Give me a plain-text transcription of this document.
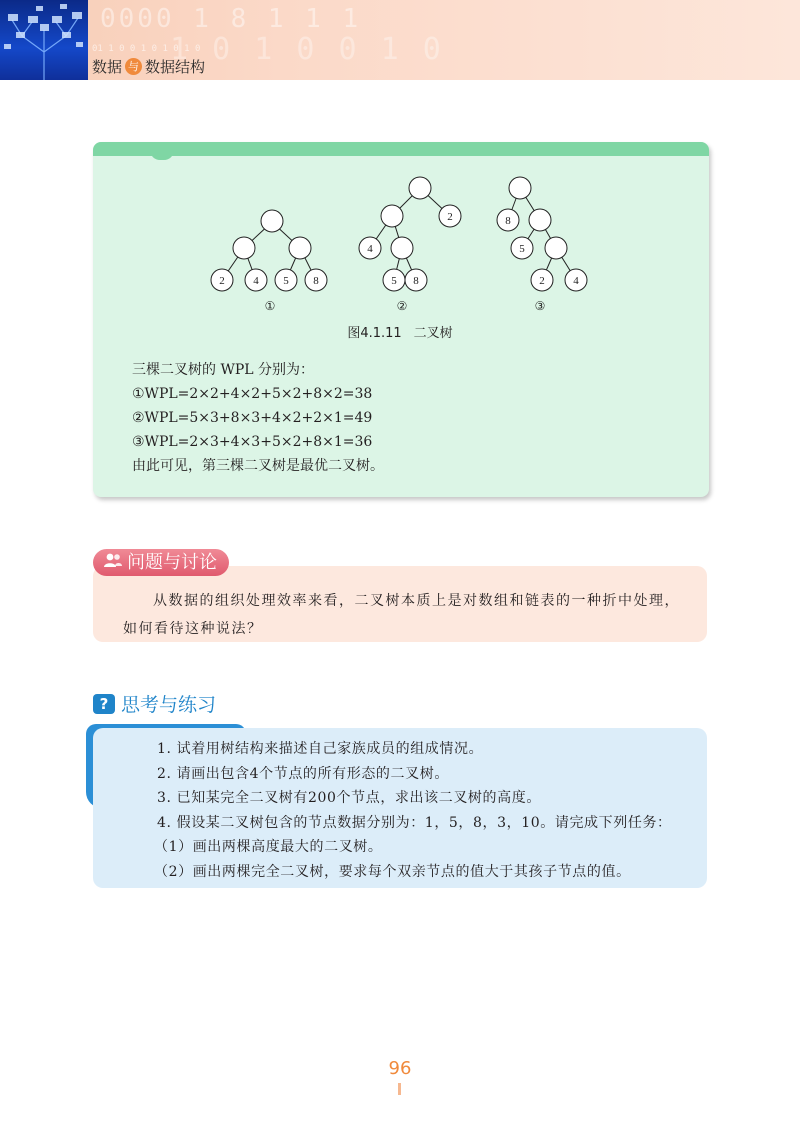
0000 1 8 1 1 1
1 0 1 0 0 1 0
01 1 0 0 1 0 1 0 1 0
数据 与 数据结构
2	4 5 8
2
4
5 8
8
5
2	4
①	②	③
图4.1.11 二叉树
三棵二叉树的 WPL 分别为：
①WPL=2×2+4×2+5×2+8×2=38
②WPL=5×3+8×3+4×2+2×1=49
③WPL=2×3+4×3+5×2+8×1=36
由此可见，第三棵二叉树是最优二叉树。
问题与讨论
从数据的组织处理效率来看，二叉树本质上是对数组和链表的一种折中处理，如何看待这种说法？
? 思考与练习
1. 试着用树结构来描述自己家族成员的组成情况。
2. 请画出包含4个节点的所有形态的二叉树。
3. 已知某完全二叉树有200个节点，求出该二叉树的高度。
4. 假设某二叉树包含的节点数据分别为：1，5，8，3，10。请完成下列任务：
（1）画出两棵高度最大的二叉树。
（2）画出两棵完全二叉树，要求每个双亲节点的值大于其孩子节点的值。
96
